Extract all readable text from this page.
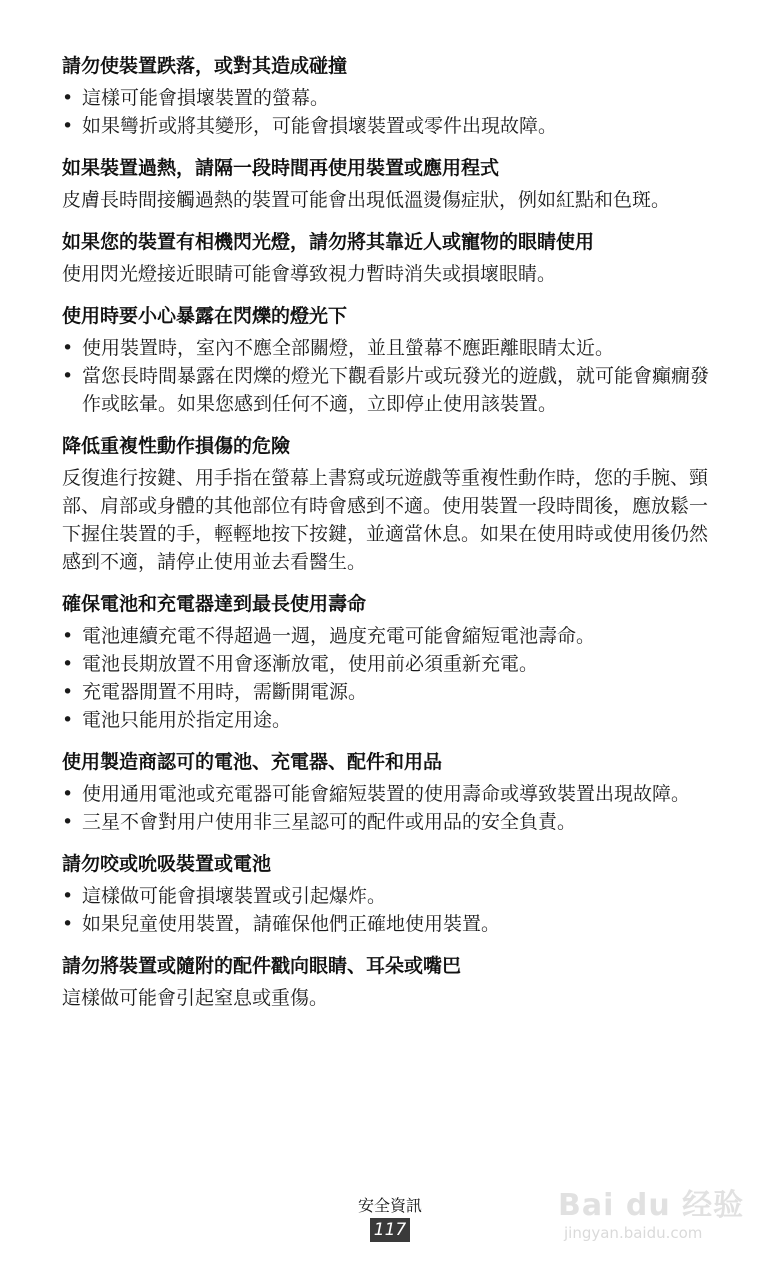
請勿使裝置跌落，或對其造成碰撞
• 這樣可能會損壞裝置的螢幕。
• 如果彎折或將其變形，可能會損壞裝置或零件出現故障。
如果裝置過熱，請隔一段時間再使用裝置或應用程式

皮膚長時間接觸過熱的裝置可能會出現低溫燙傷症狀，例如紅點和色斑。

如果您的裝置有相機閃光燈，請勿將其靠近人或寵物的眼睛使用

使用閃光燈接近眼睛可能會導致視力暫時消失或損壞眼睛。

使用時要小心暴露在閃爍的燈光下
• 使用裝置時，室內不應全部關燈，並且螢幕不應距離眼睛太近。
• 當您長時間暴露在閃爍的燈光下觀看影片或玩發光的遊戲，就可能會癲癇發作或眩暈。如果您感到任何不適，立即停止使用該裝置。
降低重複性動作損傷的危險

反復進行按鍵、用手指在螢幕上書寫或玩遊戲等重複性動作時，您的手腕、頸部、肩部或身體的其他部位有時會感到不適。使用裝置一段時間後，應放鬆一下握住裝置的手，輕輕地按下按鍵，並適當休息。如果在使用時或使用後仍然感到不適，請停止使用並去看醫生。

確保電池和充電器達到最長使用壽命
• 電池連續充電不得超過一週，過度充電可能會縮短電池壽命。
• 電池長期放置不用會逐漸放電，使用前必須重新充電。
• 充電器閒置不用時，需斷開電源。
• 電池只能用於指定用途。
使用製造商認可的電池、充電器、配件和用品
• 使用通用電池或充電器可能會縮短裝置的使用壽命或導致裝置出現故障。
• 三星不會對用户使用非三星認可的配件或用品的安全負責。
請勿咬或吮吸裝置或電池
• 這樣做可能會損壞裝置或引起爆炸。
• 如果兒童使用裝置，請確保他們正確地使用裝置。
請勿將裝置或隨附的配件戳向眼睛、耳朵或嘴巴

這樣做可能會引起窒息或重傷。

安全資訊
117
Bai du 经验
jingyan.baidu.com
